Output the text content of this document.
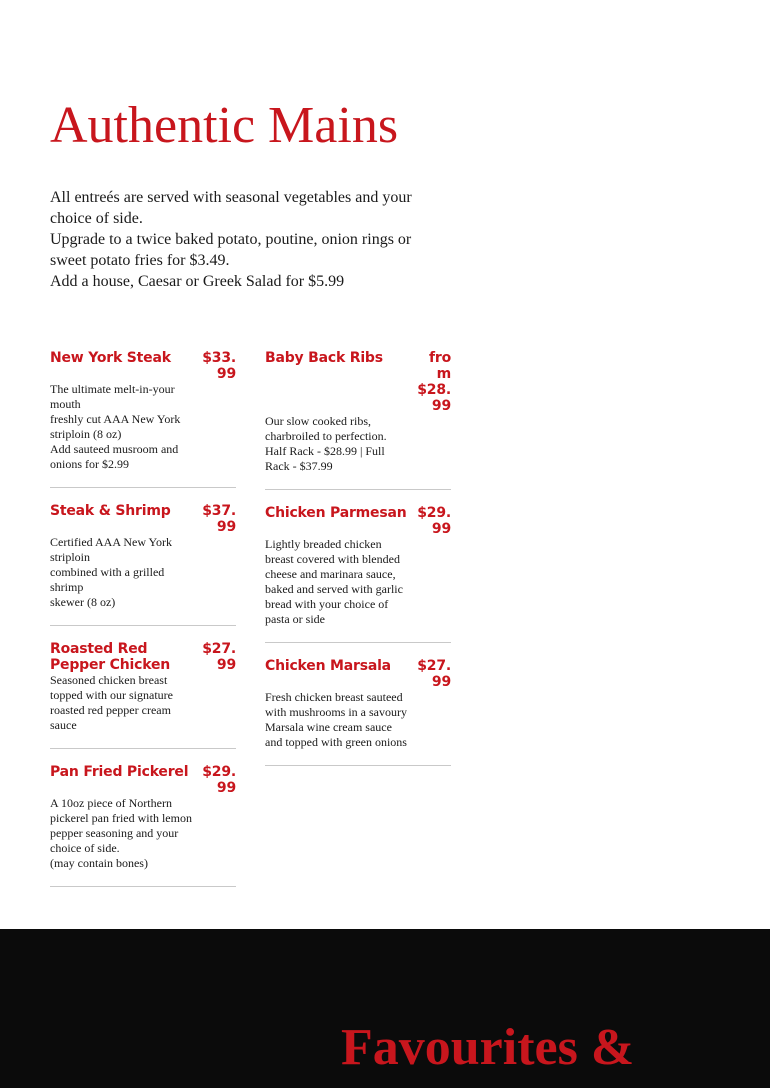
Authentic Mains

All entreés are served with seasonal vegetables and your choice of side.

Upgrade to a twice baked potato, poutine, onion rings or sweet potato fries for $3.49.

Add a house, Caesar or Greek Salad for $5.99

New York Steak	$33.99
The ultimate melt-in-your mouth
freshly cut AAA New York striploin (8 oz)
Add sauteed musroom and onions for $2.99
Steak & Shrimp	$37.99
Certified AAA New York striploin
combined with a grilled shrimp
skewer (8 oz)
Roasted Red Pepper Chicken
$27.99
Seasoned chicken breast topped with our signature roasted red pepper cream sauce
Pan Fried Pickerel $29.99
A 10oz piece of Northern pickerel pan fried with lemon pepper seasoning and your choice of side.
(may contain bones)
Baby Back Ribs	from $28.99
Our slow cooked ribs, charbroiled to perfection.
Half Rack - $28.99 | Full Rack - $37.99
Chicken Parmesan $29.99
Lightly breaded chicken breast covered with blended cheese and marinara sauce, baked and served with garlic bread with your choice of pasta or side
Chicken Marsala	$27.99
Fresh chicken breast sauteed with mushrooms in a savoury Marsala wine cream sauce and topped with green onions
Favourites &
